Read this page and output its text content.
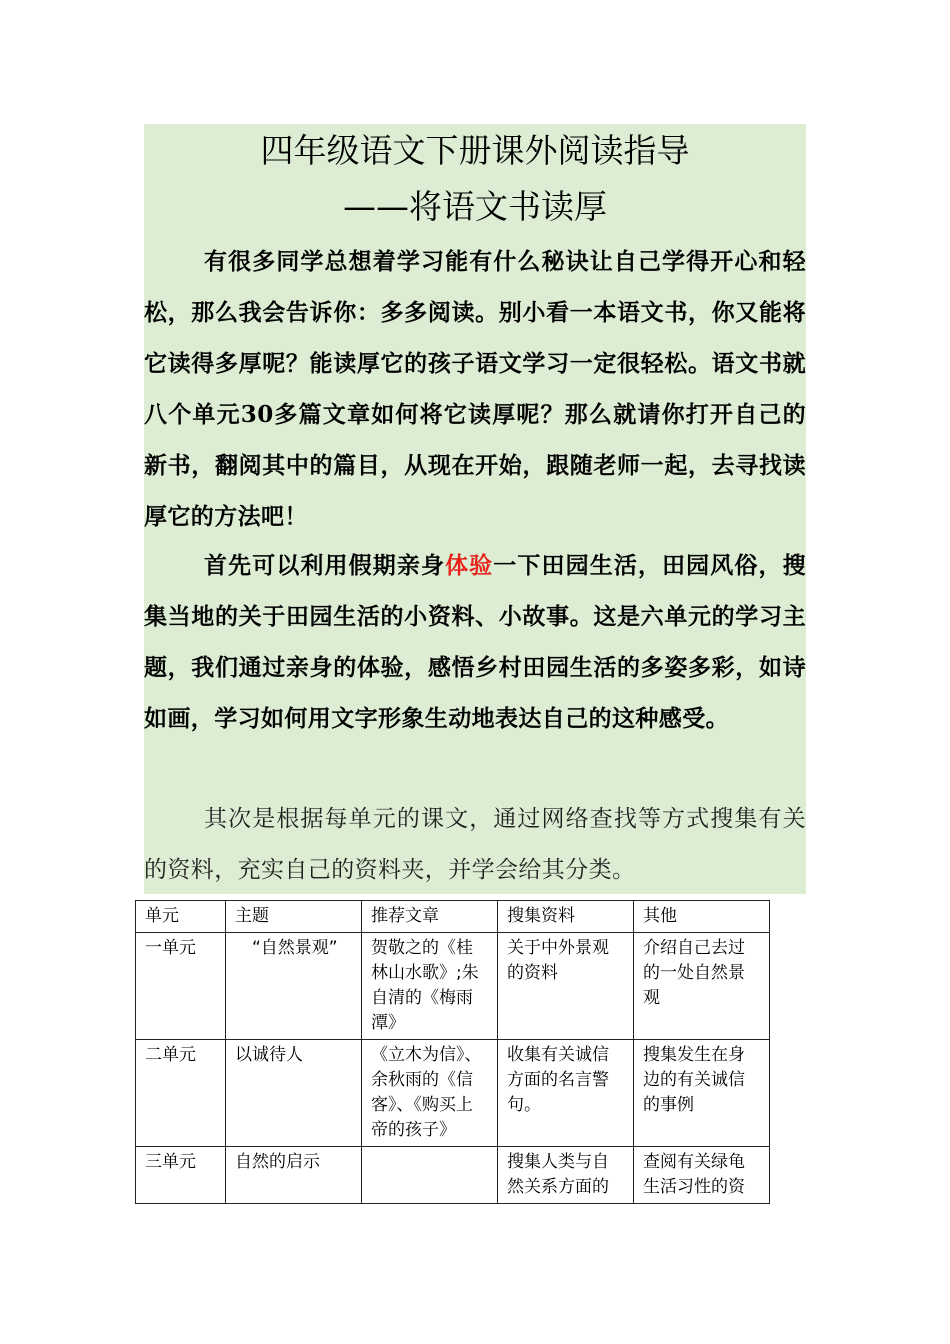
四年级语文下册课外阅读指导
——将语文书读厚

有很多同学总想着学习能有什么秘诀让自己学得开心和轻松，那么我会告诉你：多多阅读。别小看一本语文书，你又能将它读得多厚呢？能读厚它的孩子语文学习一定很轻松。语文书就八个单元30多篇文章如何将它读厚呢？那么就请你打开自己的新书，翻阅其中的篇目，从现在开始，跟随老师一起，去寻找读厚它的方法吧！

首先可以利用假期亲身体验一下田园生活，田园风俗，搜集当地的关于田园生活的小资料、小故事。这是六单元的学习主题，我们通过亲身的体验，感悟乡村田园生活的多姿多彩，如诗如画，学习如何用文字形象生动地表达自己的这种感受。

其次是根据每单元的课文，通过网络查找等方式搜集有关的资料，充实自己的资料夹，并学会给其分类。

单元	主题	推荐文章	搜集资料	其他
一单元	“自然景观”	贺敬之的《桂林山水歌》;朱自清的《梅雨潭》	关于中外景观的资料	介绍自己去过的一处自然景观
二单元	以诚待人	《立木为信》、余秋雨的《信客》、《购买上帝的孩子》	收集有关诚信方面的名言警句。	搜集发生在身边的有关诚信的事例
三单元	自然的启示		搜集人类与自然关系方面的	查阅有关绿龟生活习性的资
